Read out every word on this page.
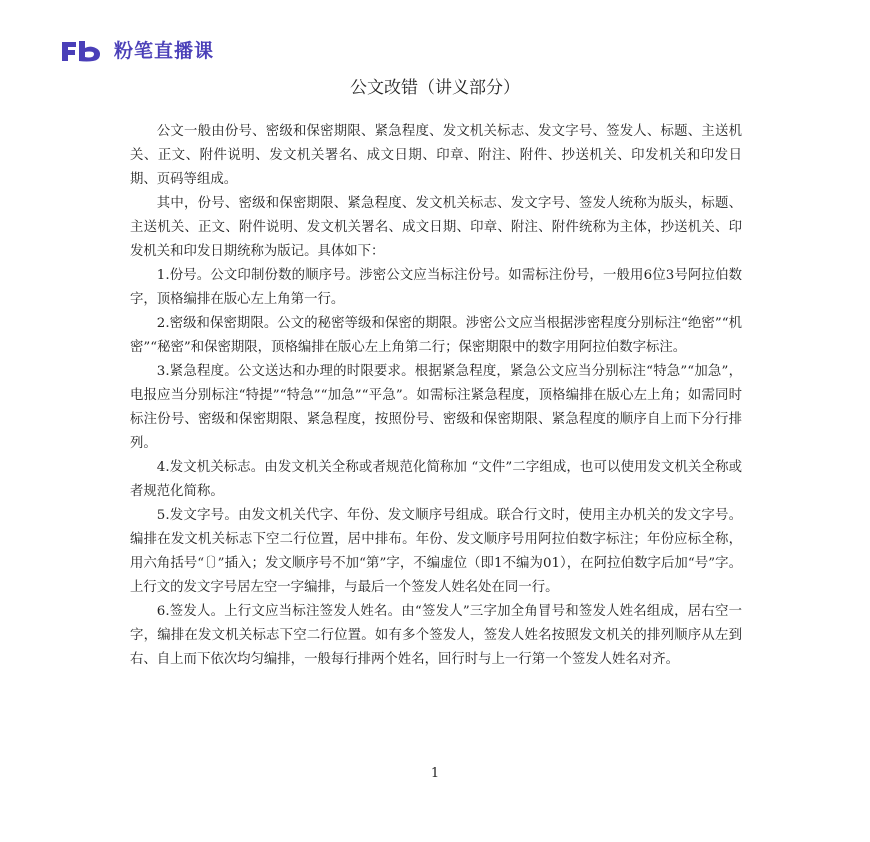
粉笔直播课
公文改错（讲义部分）

公文一般由份号、密级和保密期限、紧急程度、发文机关标志、发文字号、签发人、标题、主送机关、正文、附件说明、发文机关署名、成文日期、印章、附注、附件、抄送机关、印发机关和印发日期、页码等组成。

其中，份号、密级和保密期限、紧急程度、发文机关标志、发文字号、签发人统称为版头，标题、主送机关、正文、附件说明、发文机关署名、成文日期、印章、附注、附件统称为主体，抄送机关、印发机关和印发日期统称为版记。具体如下：

1.份号。公文印制份数的顺序号。涉密公文应当标注份号。如需标注份号，一般用6位3号阿拉伯数字，顶格编排在版心左上角第一行。

2.密级和保密期限。公文的秘密等级和保密的期限。涉密公文应当根据涉密程度分别标注“绝密”“机密”“秘密”和保密期限，顶格编排在版心左上角第二行；保密期限中的数字用阿拉伯数字标注。

3.紧急程度。公文送达和办理的时限要求。根据紧急程度，紧急公文应当分别标注“特急”“加急”，电报应当分别标注“特提”“特急”“加急”“平急”。如需标注紧急程度，顶格编排在版心左上角；如需同时标注份号、密级和保密期限、紧急程度，按照份号、密级和保密期限、紧急程度的顺序自上而下分行排列。

4.发文机关标志。由发文机关全称或者规范化简称加 “文件”二字组成，也可以使用发文机关全称或者规范化简称。

5.发文字号。由发文机关代字、年份、发文顺序号组成。联合行文时，使用主办机关的发文字号。编排在发文机关标志下空二行位置，居中排布。年份、发文顺序号用阿拉伯数字标注；年份应标全称，用六角括号“〔〕”插入；发文顺序号不加“第”字，不编虚位（即1不编为01），在阿拉伯数字后加“号”字。上行文的发文字号居左空一字编排，与最后一个签发人姓名处在同一行。

6.签发人。上行文应当标注签发人姓名。由“签发人”三字加全角冒号和签发人姓名组成，居右空一字，编排在发文机关标志下空二行位置。如有多个签发人，签发人姓名按照发文机关的排列顺序从左到右、自上而下依次均匀编排，一般每行排两个姓名，回行时与上一行第一个签发人姓名对齐。

1
